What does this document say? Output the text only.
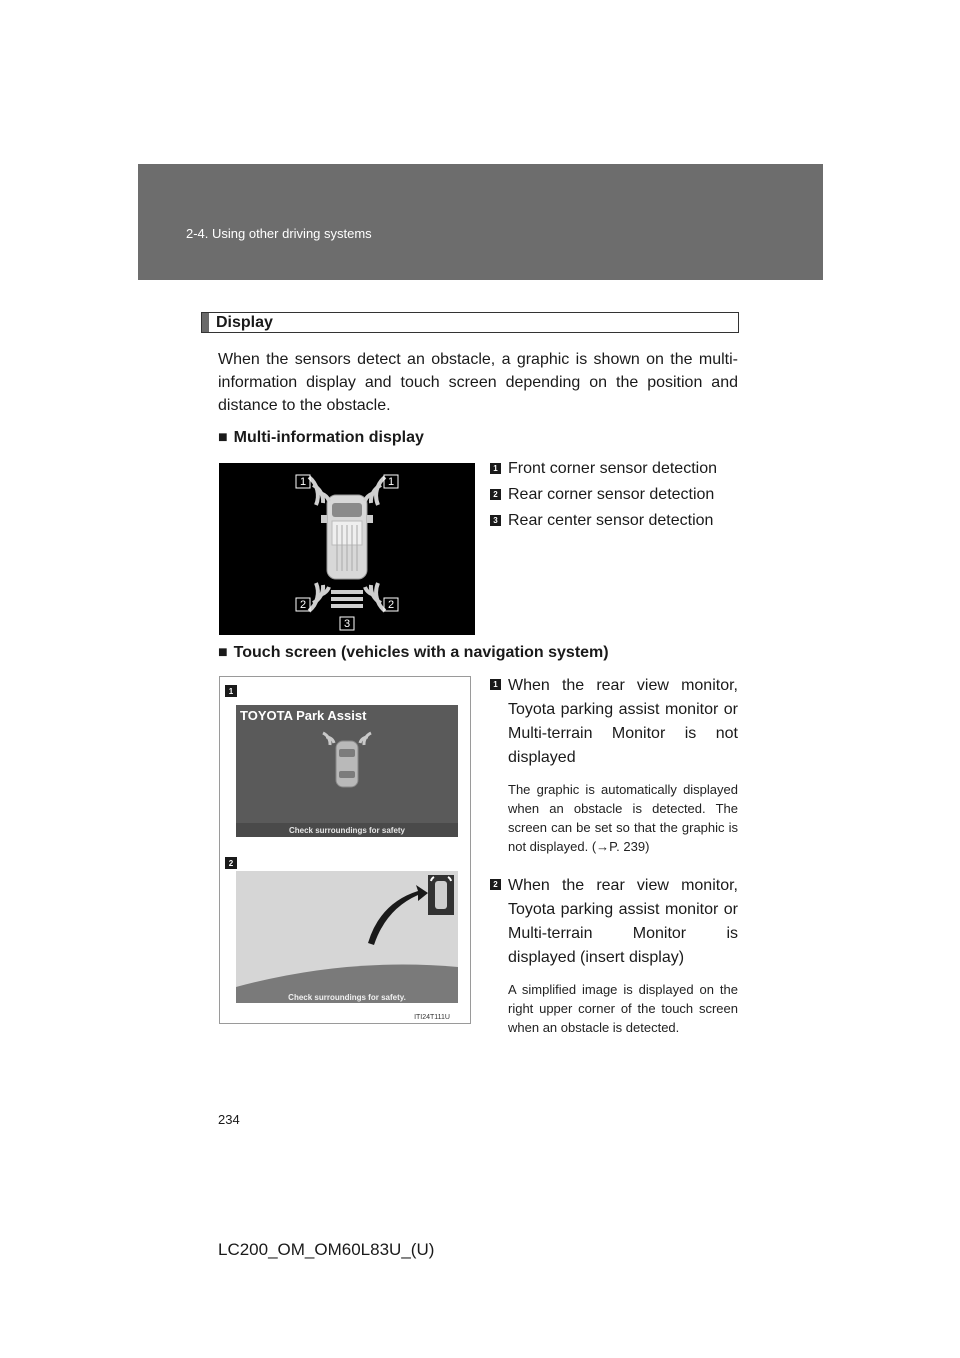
2-4. Using other driving systems
Display
When the sensors detect an obstacle, a graphic is shown on the multi-information display and touch screen depending on the position and distance to the obstacle.
■ Multi-information display
1	1
2	2
3
1 Front corner sensor detection
2 Rear corner sensor detection
3 Rear center sensor detection
■ Touch screen (vehicles with a navigation system)
1
TOYOTA Park Assist
Check surroundings for safety
2
Check surroundings for safety.
ITI24T111U
1 When the rear view monitor, Toyota parking assist monitor or Multi-terrain Monitor is not displayed
The graphic is automatically displayed when an obstacle is detected. The screen can be set so that the graphic is not displayed. (→P. 239)
2 When the rear view monitor, Toyota parking assist monitor or Multi-terrain Monitor is displayed (insert display)
A simplified image is displayed on the right upper corner of the touch screen when an obstacle is detected.
234
LC200_OM_OM60L83U_(U)
